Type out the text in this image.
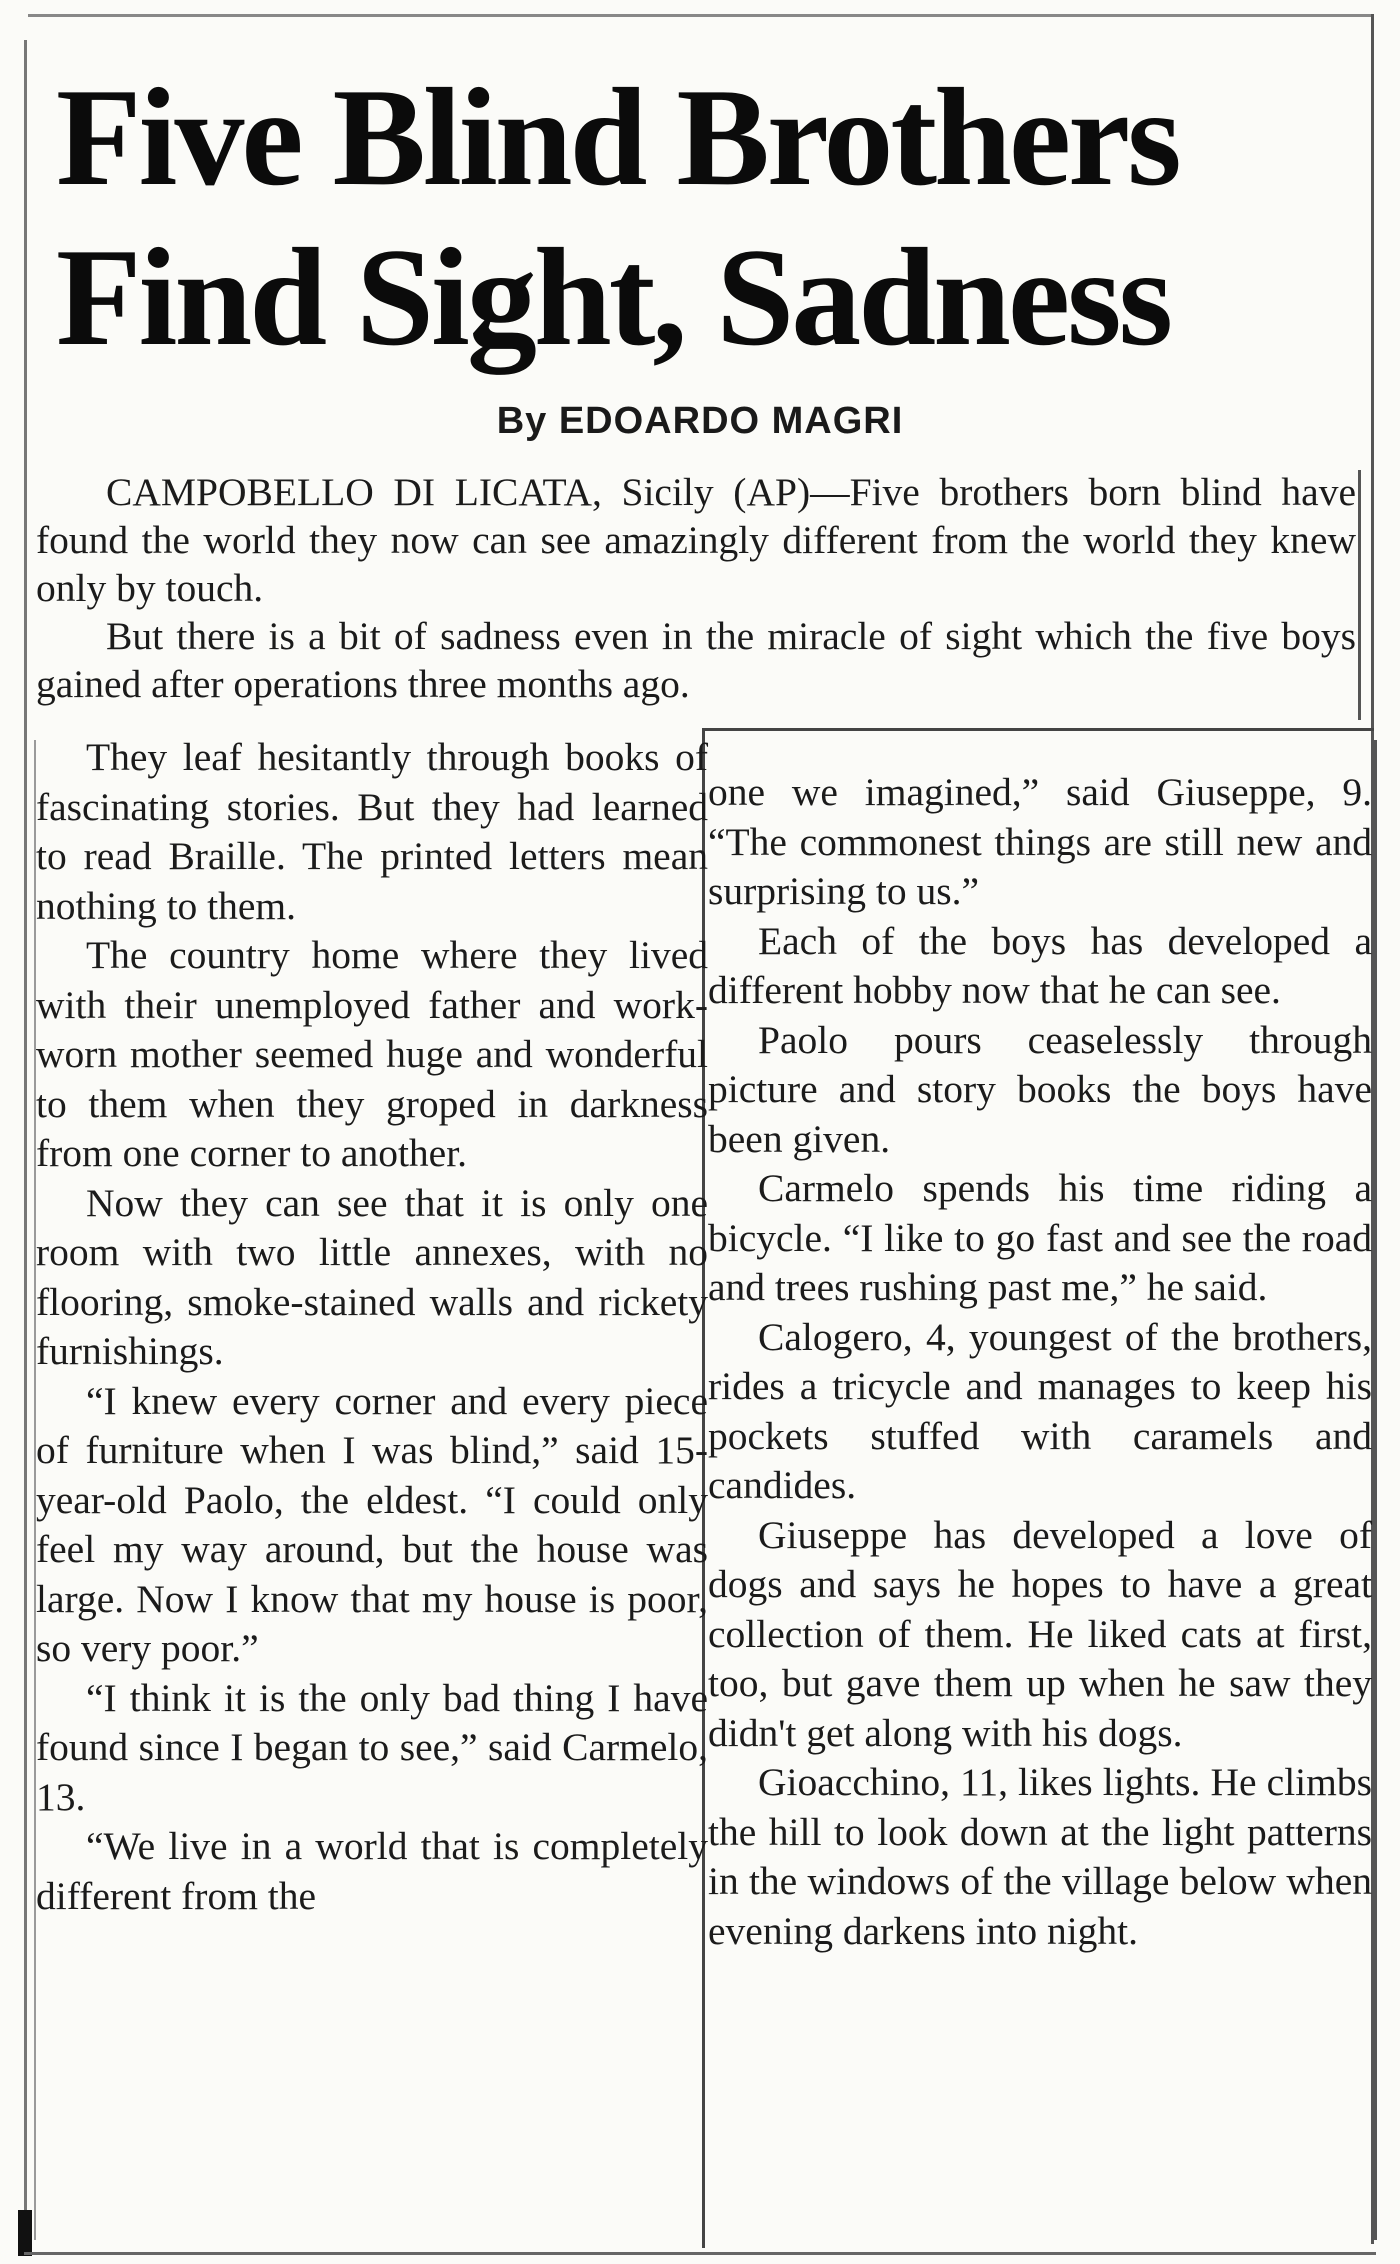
Five Blind Brothers
Find Sight, Sadness
By EDOARDO MAGRI

CAMPOBELLO DI LICATA, Sicily (AP)—Five brothers born blind have found the world they now can see amazingly different from the world they knew only by touch.

But there is a bit of sadness even in the miracle of sight which the five boys gained after operations three months ago.

They leaf hesitantly through books of fascinating stories. But they had learned to read Braille. The printed letters mean nothing to them.

The country home where they lived with their unemployed father and work-worn mother seemed huge and wonderful to them when they groped in darkness from one corner to another.

Now they can see that it is only one room with two little annexes, with no flooring, smoke-stained walls and rickety furnishings.

“I knew every corner and every piece of furniture when I was blind,” said 15-year-old Paolo, the eldest. “I could only feel my way around, but the house was large. Now I know that my house is poor, so very poor.”

“I think it is the only bad thing I have found since I began to see,” said Carmelo, 13.

“We live in a world that is completely different from the

one we imagined,” said Giuseppe, 9. “The commonest things are still new and surprising to us.”

Each of the boys has developed a different hobby now that he can see.

Paolo pours ceaselessly through picture and story books the boys have been given.

Carmelo spends his time riding a bicycle. “I like to go fast and see the road and trees rushing past me,” he said.

Calogero, 4, youngest of the brothers, rides a tricycle and manages to keep his pockets stuffed with caramels and candides.

Giuseppe has developed a love of dogs and says he hopes to have a great collection of them. He liked cats at first, too, but gave them up when he saw they didn't get along with his dogs.

Gioacchino, 11, likes lights. He climbs the hill to look down at the light patterns in the windows of the village below when evening darkens into night.
